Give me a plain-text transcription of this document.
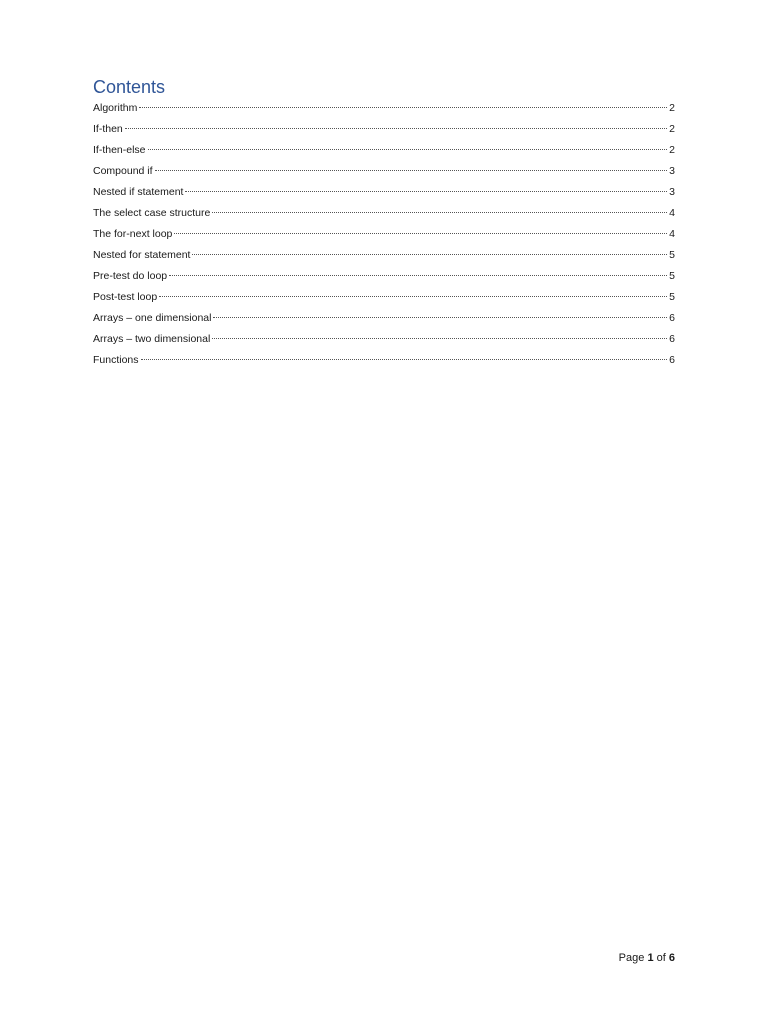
Contents
Algorithm	2
If-then	2
If-then-else	2
Compound if	3
Nested if statement	3
The select case structure	4
The for-next loop	4
Nested for statement	5
Pre-test do loop	5
Post-test loop	5
Arrays – one dimensional	6
Arrays – two dimensional	6
Functions	6
Page 1 of 6
